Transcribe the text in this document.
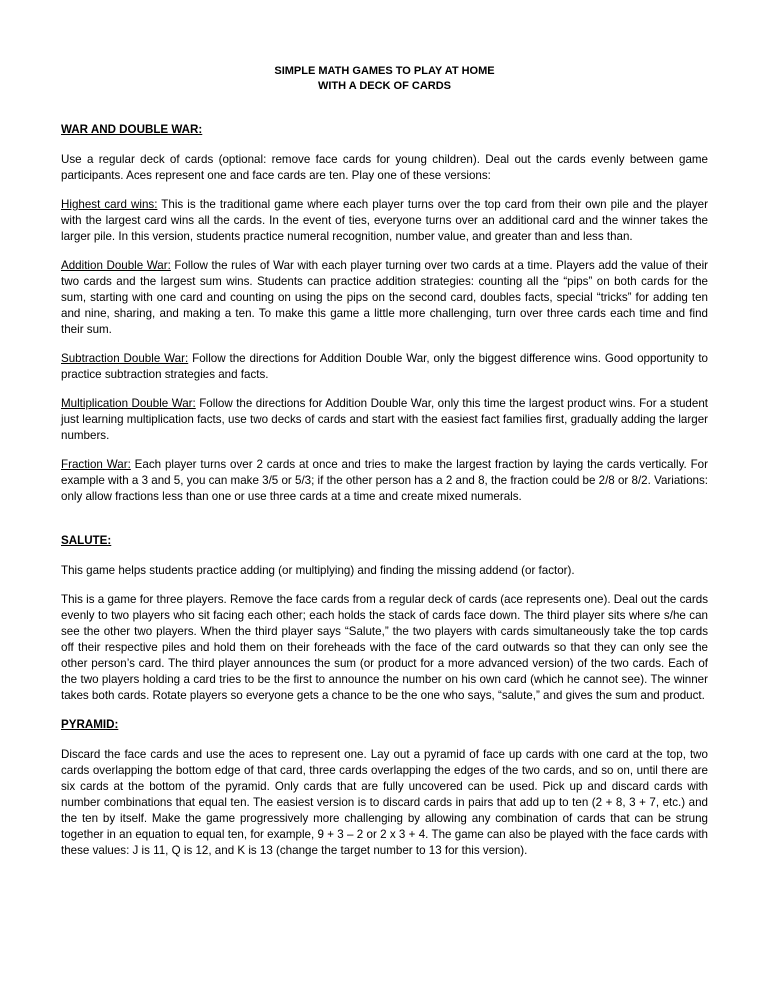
SIMPLE MATH GAMES TO PLAY AT HOME
WITH A DECK OF CARDS
WAR AND DOUBLE WAR:

Use a regular deck of cards (optional: remove face cards for young children). Deal out the cards evenly between game participants. Aces represent one and face cards are ten. Play one of these versions:

Highest card wins: This is the traditional game where each player turns over the top card from their own pile and the player with the largest card wins all the cards. In the event of ties, everyone turns over an additional card and the winner takes the larger pile. In this version, students practice numeral recognition, number value, and greater than and less than.

Addition Double War: Follow the rules of War with each player turning over two cards at a time. Players add the value of their two cards and the largest sum wins. Students can practice addition strategies: counting all the “pips” on both cards for the sum, starting with one card and counting on using the pips on the second card, doubles facts, special “tricks” for adding ten and nine, sharing, and making a ten. To make this game a little more challenging, turn over three cards each time and find their sum.

Subtraction Double War: Follow the directions for Addition Double War, only the biggest difference wins. Good opportunity to practice subtraction strategies and facts.

Multiplication Double War: Follow the directions for Addition Double War, only this time the largest product wins. For a student just learning multiplication facts, use two decks of cards and start with the easiest fact families first, gradually adding the larger numbers.

Fraction War: Each player turns over 2 cards at once and tries to make the largest fraction by laying the cards vertically. For example with a 3 and 5, you can make 3/5 or 5/3; if the other person has a 2 and 8, the fraction could be 2/8 or 8/2. Variations: only allow fractions less than one or use three cards at a time and create mixed numerals.

SALUTE:

This game helps students practice adding (or multiplying) and finding the missing addend (or factor).

This is a game for three players. Remove the face cards from a regular deck of cards (ace represents one). Deal out the cards evenly to two players who sit facing each other; each holds the stack of cards face down. The third player sits where s/he can see the other two players. When the third player says “Salute,” the two players with cards simultaneously take the top cards off their respective piles and hold them on their foreheads with the face of the card outwards so that they can only see the other person’s card. The third player announces the sum (or product for a more advanced version) of the two cards. Each of the two players holding a card tries to be the first to announce the number on his own card (which he cannot see). The winner takes both cards. Rotate players so everyone gets a chance to be the one who says, “salute,” and gives the sum and product.

PYRAMID:

Discard the face cards and use the aces to represent one. Lay out a pyramid of face up cards with one card at the top, two cards overlapping the bottom edge of that card, three cards overlapping the edges of the two cards, and so on, until there are six cards at the bottom of the pyramid. Only cards that are fully uncovered can be used. Pick up and discard cards with number combinations that equal ten. The easiest version is to discard cards in pairs that add up to ten (2 + 8, 3 + 7, etc.) and the ten by itself. Make the game progressively more challenging by allowing any combination of cards that can be strung together in an equation to equal ten, for example, 9 + 3 – 2 or 2 x 3 + 4. The game can also be played with the face cards with these values: J is 11, Q is 12, and K is 13 (change the target number to 13 for this version).
